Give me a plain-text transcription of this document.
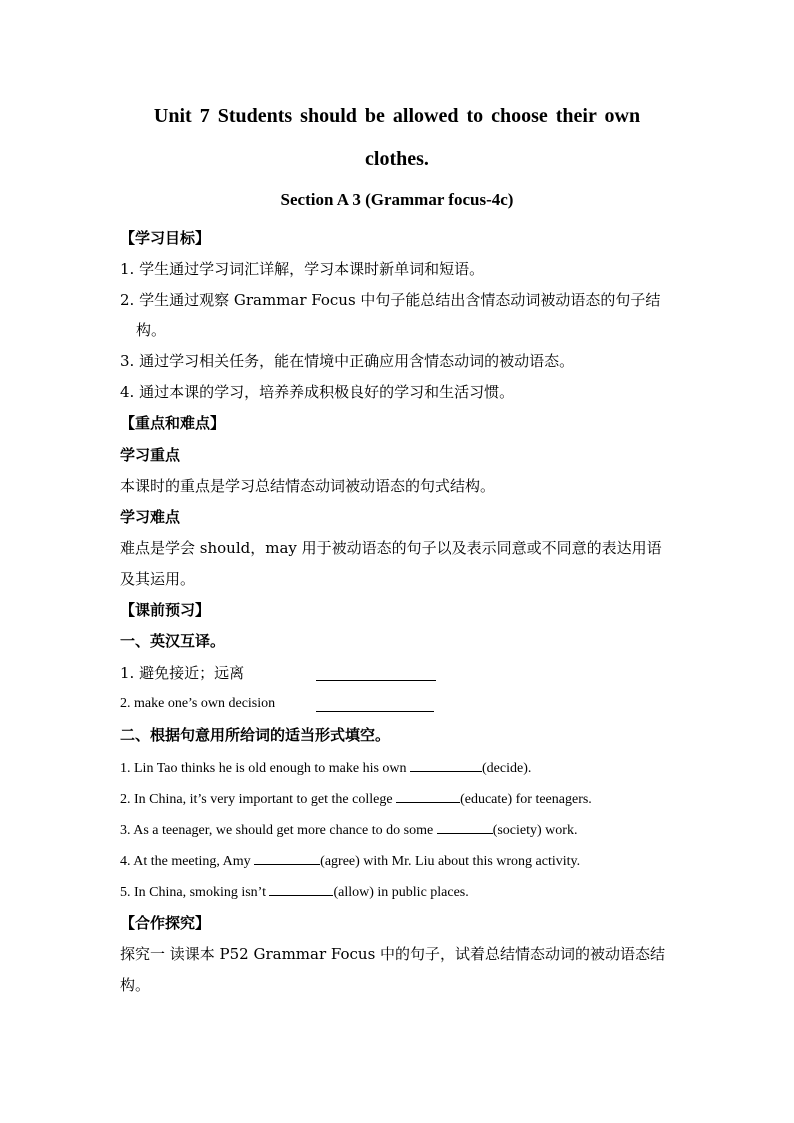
Unit 7 Students should be allowed to choose their own
clothes.
Section A 3 (Grammar focus-4c)
【学习目标】
1. 学生通过学习词汇详解，学习本课时新单词和短语。
2. 学生通过观察 Grammar Focus 中句子能总结出含情态动词被动语态的句子结
构。
3. 通过学习相关任务，能在情境中正确应用含情态动词的被动语态。
4. 通过本课的学习，培养养成积极良好的学习和生活习惯。
【重点和难点】
学习重点
本课时的重点是学习总结情态动词被动语态的句式结构。
学习难点
难点是学会 should，may 用于被动语态的句子以及表示同意或不同意的表达用语
及其运用。
【课前预习】
一、英汉互译。
1. 避免接近；远离
2. make one’s own decision
二、根据句意用所给词的适当形式填空。
1. Lin Tao thinks he is old enough to make his own	(decide).
2. In China, it’s very important to get the college	(educate) for teenagers.
3. As a teenager, we should get more chance to do some	(society) work.
4. At the meeting, Amy	(agree) with Mr. Liu about this wrong activity.
5. In China, smoking isn’t	(allow) in public places.
【合作探究】
探究一 读课本 P52 Grammar Focus 中的句子，试着总结情态动词的被动语态结
构。
